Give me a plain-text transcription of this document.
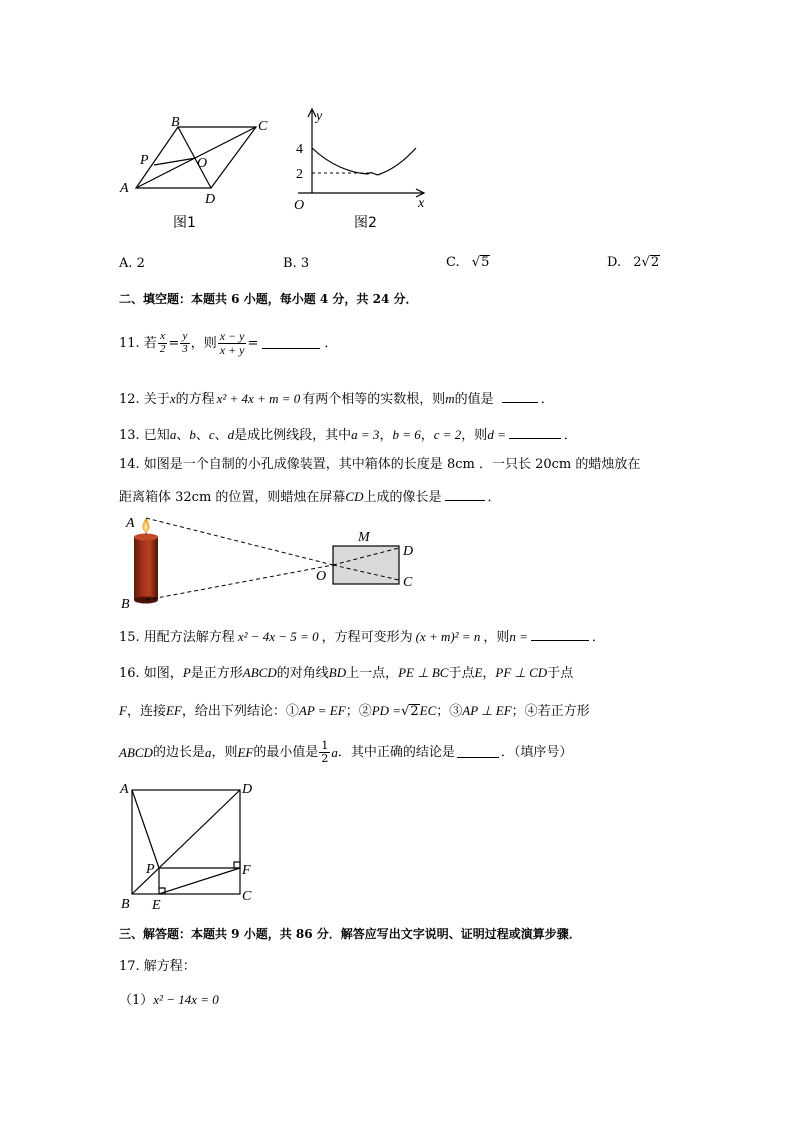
A
B	C
D
P	O
图1
y
x
O
4
2
图2
A. 2	B. 3	C. √5	D. 2√2
二、填空题：本题共 6 小题，每小题 4 分，共 24 分．
11. 若 $\frac{x}{2} = \frac{y}{3}$ ，则 $\frac{x - y}{x + y}$ =	．
12. 关于x的方程 x² + 4x + m = 0 有两个相等的实数根，则m的值是	．
13. 已知a、b、c、d是成比例线段，其中a = 3，b = 6，c = 2，则d =	．
14. 如图是一个自制的小孔成像装置，其中箱体的长度是 8cm ．一只长 20cm 的蜡烛放在
距离箱体 32cm 的位置，则蜡烛在屏幕CD上成的像长是	．
A
B
M
D
O	C
15. 用配方法解方程 x² − 4x − 5 = 0 ，方程可变形为 (x + m)² = n ，则n =	．
16. 如图，P是正方形ABCD的对角线BD上一点，PE ⊥ BC于点E，PF ⊥ CD于点
F，连接EF，给出下列结论：①AP = EF；②PD =√2EC；③AP ⊥ EF；④若正方形
ABCD 的边长是 a ，则 EF 的最小值是 $\frac{1}{2}$ a ．其中正确的结论是	．（填序号）
A	D
P	F
B E
C
三、解答题：本题共 9 小题，共 86 分．解答应写出文字说明、证明过程或演算步骤．
17. 解方程：
（1）x² − 14x = 0
